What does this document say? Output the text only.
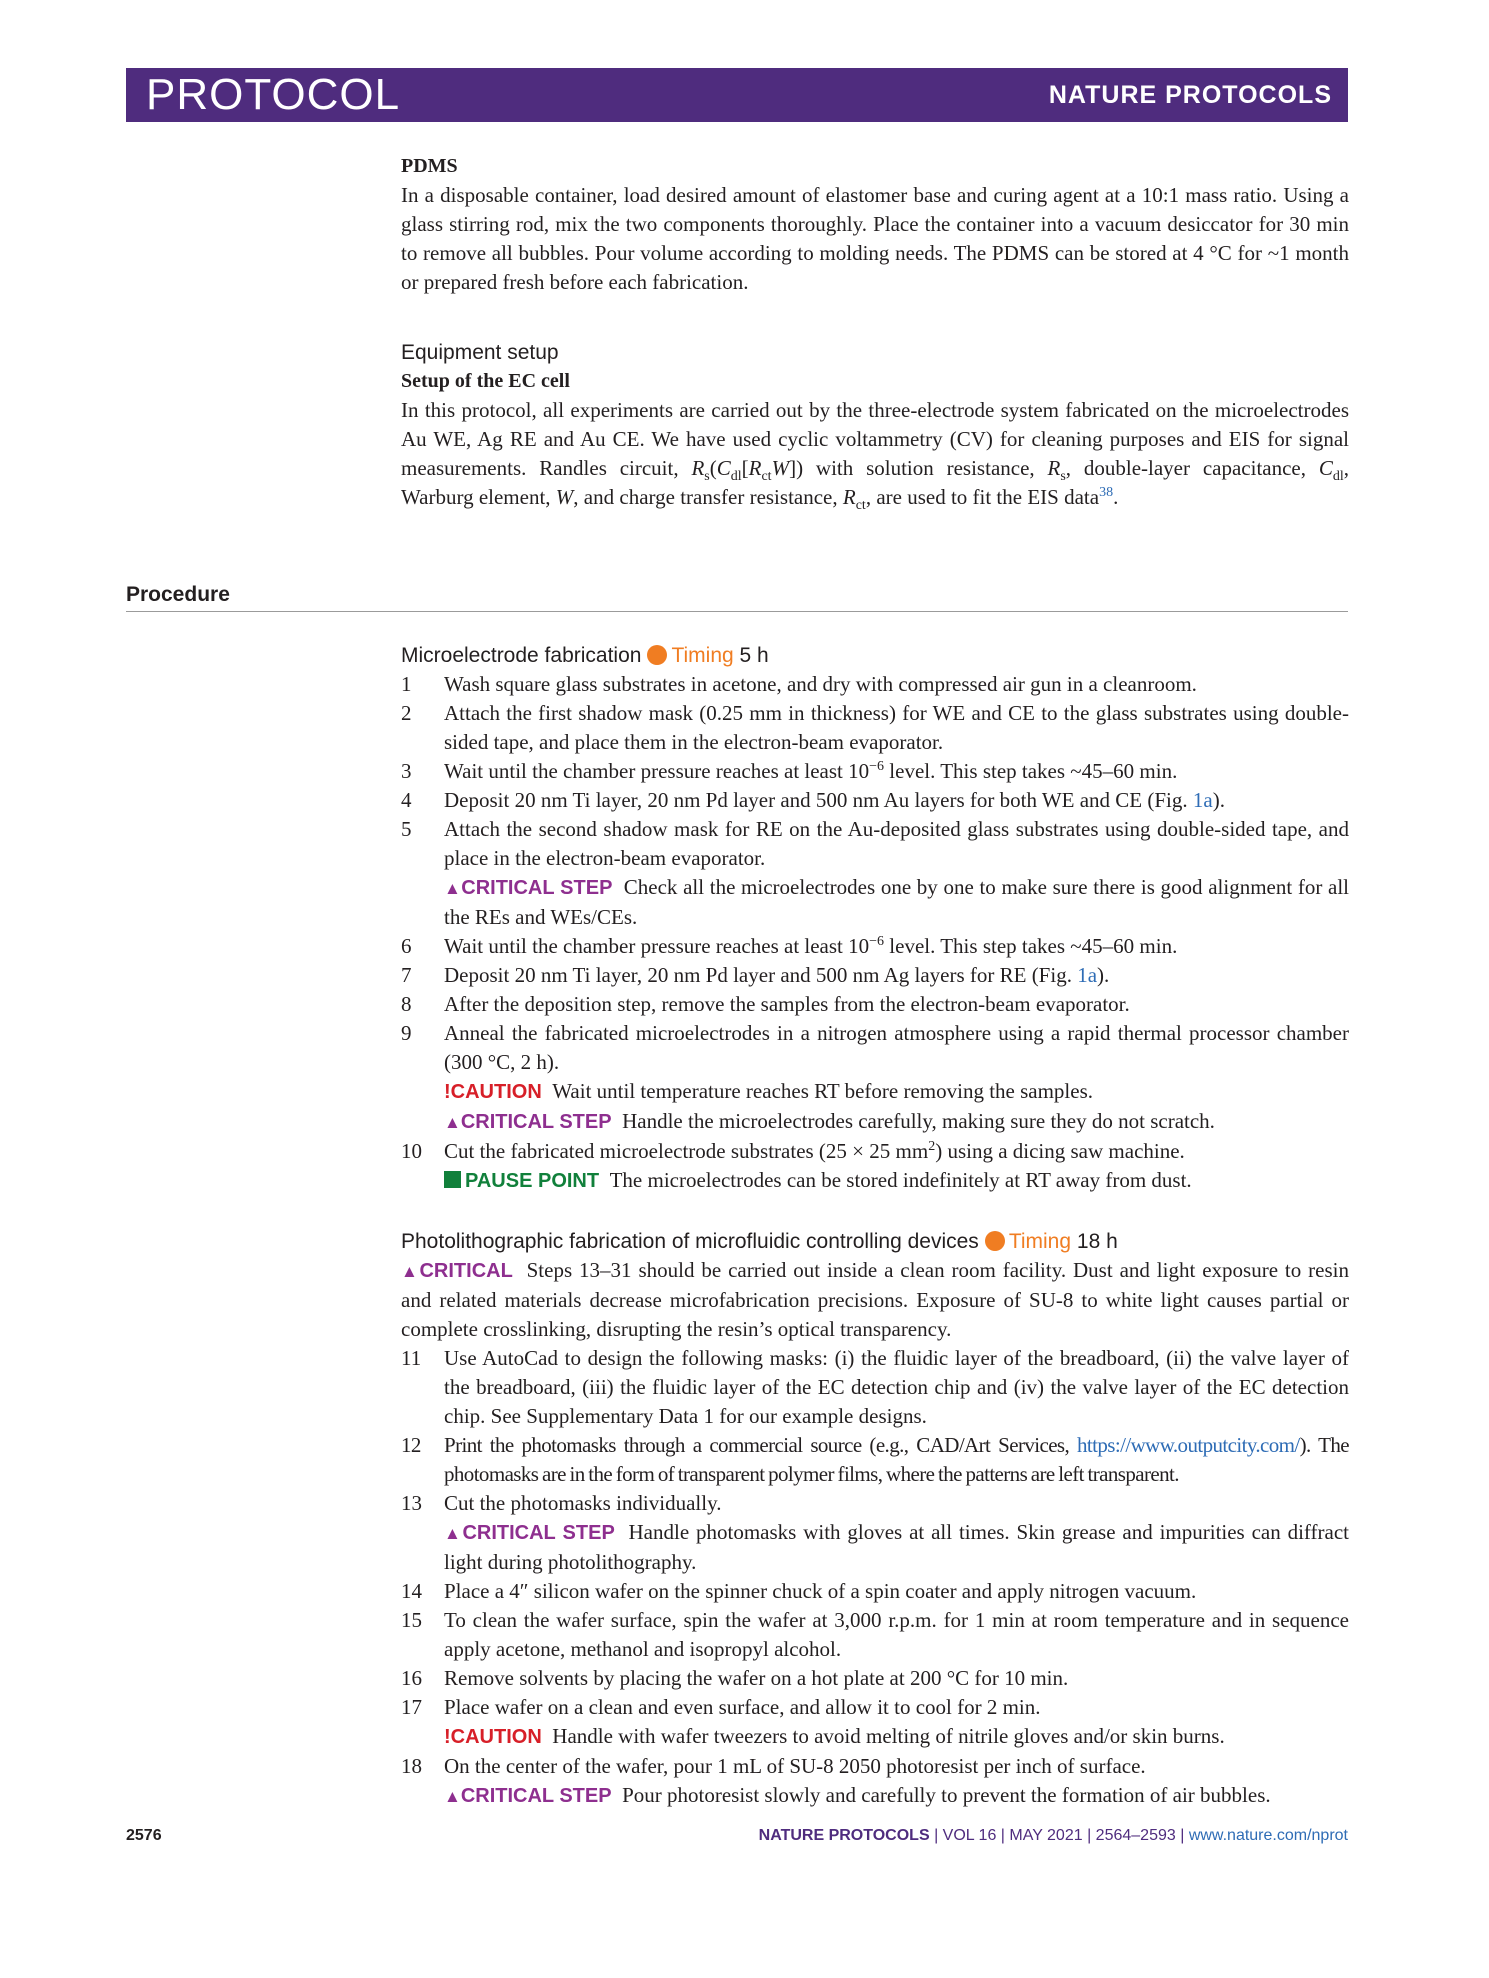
PROTOCOL	NATURE PROTOCOLS
PDMS
In a disposable container, load desired amount of elastomer base and curing agent at a 10:1 mass ratio. Using a glass stirring rod, mix the two components thoroughly. Place the container into a vacuum desiccator for 30 min to remove all bubbles. Pour volume according to molding needs. The PDMS can be stored at 4 °C for ~1 month or prepared fresh before each fabrication.
Equipment setup
Setup of the EC cell
In this protocol, all experiments are carried out by the three-electrode system fabricated on the microelectrodes Au WE, Ag RE and Au CE. We have used cyclic voltammetry (CV) for cleaning purposes and EIS for signal measurements. Randles circuit, $R_s(C_{dl}[R_{ct}W])$ with solution resistance, $R_s$, double-layer capacitance, $C_{dl}$, Warburg element, W, and charge transfer resistance, $R_{ct}$, are used to fit the EIS data$^{38}$.
Procedure
Microelectrode fabrication Timing 5 h
1	Wash square glass substrates in acetone, and dry with compressed air gun in a cleanroom.
2	Attach the first shadow mask (0.25 mm in thickness) for WE and CE to the glass substrates using double-sided tape, and place them in the electron-beam evaporator.
3	Wait until the chamber pressure reaches at least $10^{-6}$ level. This step takes ~45–60 min.
4	Deposit 20 nm Ti layer, 20 nm Pd layer and 500 nm Au layers for both WE and CE (Fig. 1a).
5	Attach the second shadow mask for RE on the Au-deposited glass substrates using double-sided tape, and place in the electron-beam evaporator.
▲CRITICAL STEP Check all the microelectrodes one by one to make sure there is good alignment for all the REs and WEs/CEs.
6	Wait until the chamber pressure reaches at least $10^{-6}$ level. This step takes ~45–60 min.
7	Deposit 20 nm Ti layer, 20 nm Pd layer and 500 nm Ag layers for RE (Fig. 1a).
8	After the deposition step, remove the samples from the electron-beam evaporator.
9	Anneal the fabricated microelectrodes in a nitrogen atmosphere using a rapid thermal processor chamber (300 °C, 2 h).
!CAUTION Wait until temperature reaches RT before removing the samples.
▲CRITICAL STEP Handle the microelectrodes carefully, making sure they do not scratch.
10	Cut the fabricated microelectrode substrates (25 × 25 $mm^2$) using a dicing saw machine.
PAUSE POINT The microelectrodes can be stored indefinitely at RT away from dust.
Photolithographic fabrication of microfluidic controlling devices Timing 18 h
▲CRITICAL Steps 13–31 should be carried out inside a clean room facility. Dust and light exposure to resin and related materials decrease microfabrication precisions. Exposure of SU-8 to white light causes partial or complete crosslinking, disrupting the resin’s optical transparency.
11	Use AutoCad to design the following masks: (i) the fluidic layer of the breadboard, (ii) the valve layer of the breadboard, (iii) the fluidic layer of the EC detection chip and (iv) the valve layer of the EC detection chip. See Supplementary Data 1 for our example designs.
12	Print the photomasks through a commercial source (e.g., CAD/Art Services, https://www.outputcity.com/). The photomasks are in the form of transparent polymer films, where the patterns are left transparent.
13	Cut the photomasks individually.
▲CRITICAL STEP Handle photomasks with gloves at all times. Skin grease and impurities can diffract light during photolithography.
14	Place a 4″ silicon wafer on the spinner chuck of a spin coater and apply nitrogen vacuum.
15	To clean the wafer surface, spin the wafer at 3,000 r.p.m. for 1 min at room temperature and in sequence apply acetone, methanol and isopropyl alcohol.
16	Remove solvents by placing the wafer on a hot plate at 200 °C for 10 min.
17	Place wafer on a clean and even surface, and allow it to cool for 2 min.
!CAUTION Handle with wafer tweezers to avoid melting of nitrile gloves and/or skin burns.
18	On the center of the wafer, pour 1 mL of SU-8 2050 photoresist per inch of surface.
▲CRITICAL STEP Pour photoresist slowly and carefully to prevent the formation of air bubbles.
2576	NATURE PROTOCOLS | VOL 16 | MAY 2021 | 2564–2593 | www.nature.com/nprot
